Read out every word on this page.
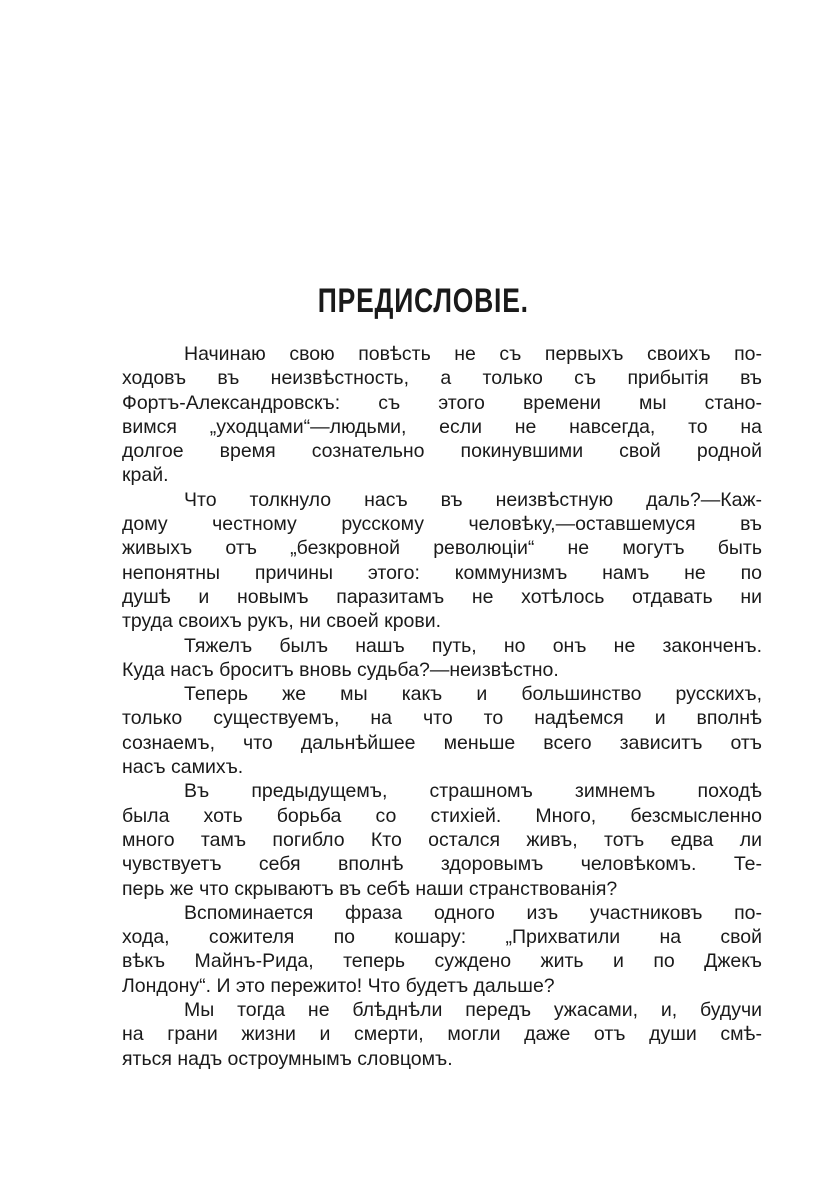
ПРЕДИСЛОВІЕ.
Начинаю свою повѣсть не съ первыхъ своихъ по-
ходовъ въ неизвѣстность, а только съ прибытія въ
Фортъ-Александровскъ: съ этого времени мы стано-
вимся „уходцами“—людьми, если не навсегда, то на
долгое время сознательно покинувшими свой родной
край.
Что толкнуло насъ въ неизвѣстную даль?—Каж-
дому честному русскому человѣку,—оставшемуся въ
живыхъ отъ „безкровной революціи“ не могутъ быть
непонятны причины этого: коммунизмъ намъ не по
душѣ и новымъ паразитамъ не хотѣлось отдавать ни
труда своихъ рукъ, ни своей крови.
Тяжелъ былъ нашъ путь, но онъ не законченъ.
Куда насъ броситъ вновь судьба?—неизвѣстно.
Теперь же мы какъ и большинство русскихъ,
только существуемъ, на что то надѣемся и вполнѣ
сознаемъ, что дальнѣйшее меньше всего зависитъ отъ
насъ самихъ.
Въ предыдущемъ, страшномъ зимнемъ походѣ
была хоть борьба со стихіей. Много, безсмысленно
много тамъ погибло Кто остался живъ, тотъ едва ли
чувствуетъ себя вполнѣ здоровымъ человѣкомъ. Те-
перь же что скрываютъ въ себѣ наши странствованія?
Вспоминается фраза одного изъ участниковъ по-
хода, сожителя по кошару: „Прихватили на свой
вѣкъ Майнъ-Рида, теперь суждено жить и по Джекъ
Лондону“. И это пережито! Что будетъ дальше?
Мы тогда не блѣднѣли передъ ужасами, и, будучи
на грани жизни и смерти, могли даже отъ души смѣ-
яться надъ остроумнымъ словцомъ.
